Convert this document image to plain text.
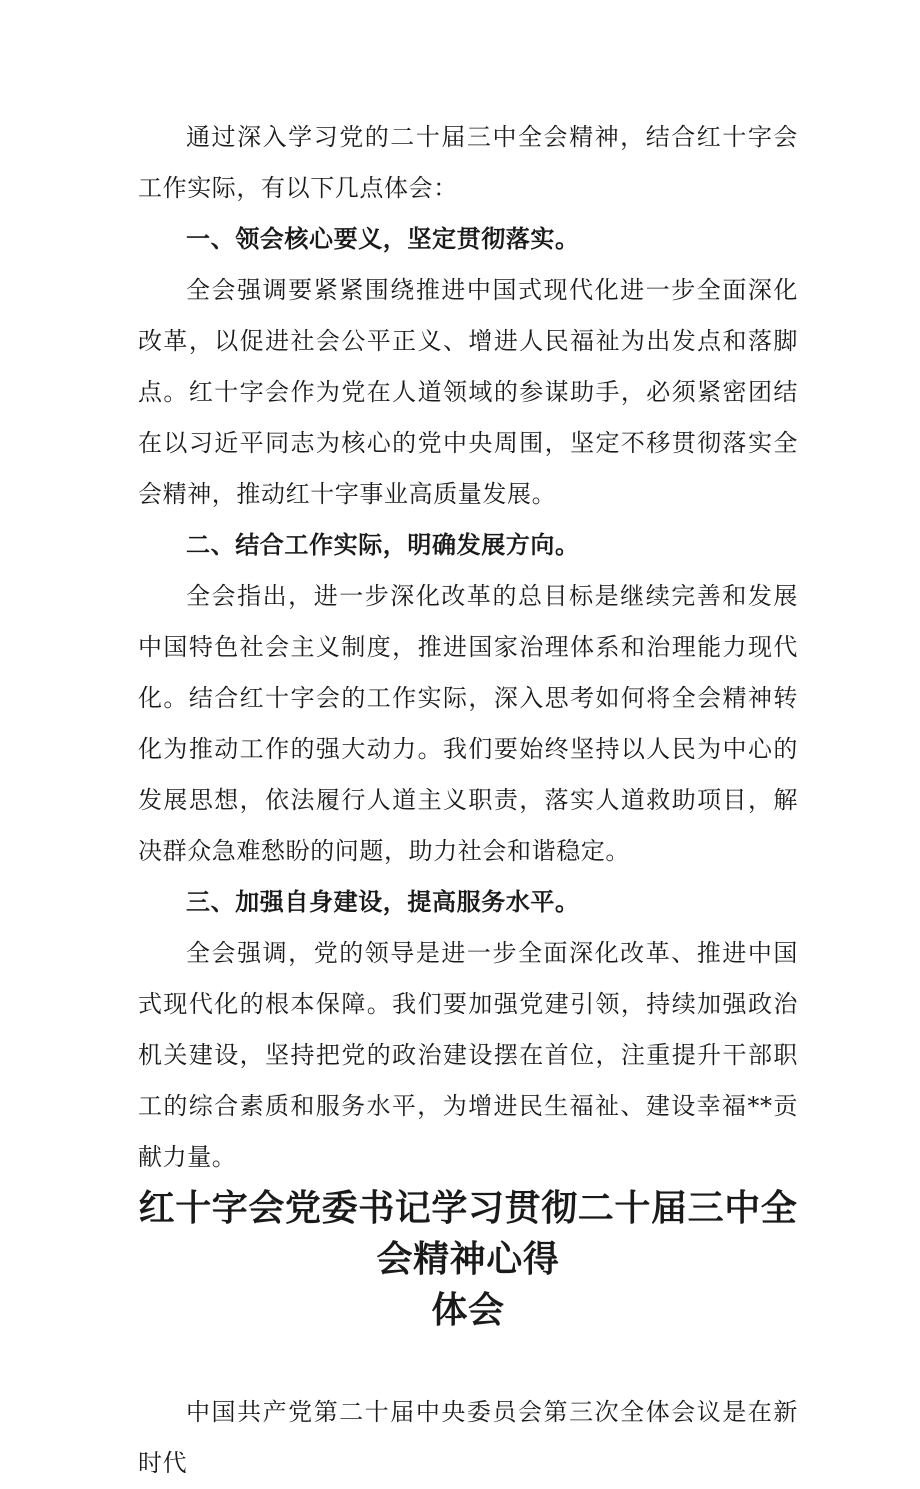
通过深入学习党的二十届三中全会精神，结合红十字会工作实际，有以下几点体会：

一、领会核心要义，坚定贯彻落实。

全会强调要紧紧围绕推进中国式现代化进一步全面深化改革，以促进社会公平正义、增进人民福祉为出发点和落脚点。红十字会作为党在人道领域的参谋助手，必须紧密团结在以习近平同志为核心的党中央周围，坚定不移贯彻落实全会精神，推动红十字事业高质量发展。

二、结合工作实际，明确发展方向。

全会指出，进一步深化改革的总目标是继续完善和发展中国特色社会主义制度，推进国家治理体系和治理能力现代化。结合红十字会的工作实际，深入思考如何将全会精神转化为推动工作的强大动力。我们要始终坚持以人民为中心的发展思想，依法履行人道主义职责，落实人道救助项目，解决群众急难愁盼的问题，助力社会和谐稳定。

三、加强自身建设，提高服务水平。

全会强调，党的领导是进一步全面深化改革、推进中国式现代化的根本保障。我们要加强党建引领，持续加强政治机关建设，坚持把党的政治建设摆在首位，注重提升干部职工的综合素质和服务水平，为增进民生福祉、建设幸福**贡献力量。

红十字会党委书记学习贯彻二十届三中全会精神心得
体会

中国共产党第二十届中央委员会第三次全体会议是在新时代
